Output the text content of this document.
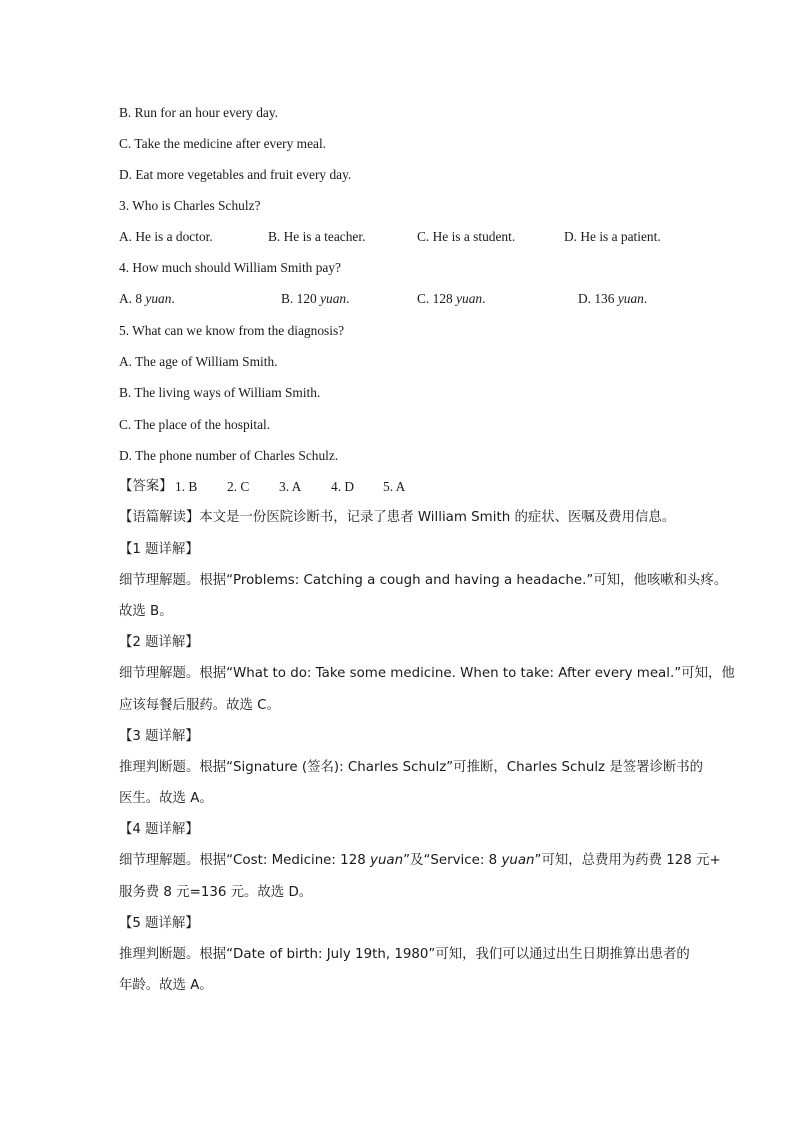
B. Run for an hour every day.
C. Take the medicine after every meal.
D. Eat more vegetables and fruit every day.
3. Who is Charles Schulz?
A. He is a doctor.	B. He is a teacher.	C. He is a student.	D. He is a patient.
4. How much should William Smith pay?
A. 8 yuan.	B. 120 yuan.	C. 128 yuan.	D. 136 yuan.
5. What can we know from the diagnosis?
A. The age of William Smith.
B. The living ways of William Smith.
C. The place of the hospital.
D. The phone number of Charles Schulz.
【答案】 1. B 2. C 3. A 4. D 5. A
【语篇解读】本文是一份医院诊断书，记录了患者 William Smith 的症状、医嘱及费用信息。
【1 题详解】
细节理解题。根据“Problems: Catching a cough and having a headache.”可知，他咳嗽和头疼。
故选 B。
【2 题详解】
细节理解题。根据“What to do: Take some medicine. When to take: After every meal.”可知，他
应该每餐后服药。故选 C。
【3 题详解】
推理判断题。根据“Signature (签名): Charles Schulz”可推断，Charles Schulz 是签署诊断书的
医生。故选 A。
【4 题详解】
细节理解题。根据“Cost: Medicine: 128 yuan”及“Service: 8 yuan”可知，总费用为药费 128 元+
服务费 8 元=136 元。故选 D。
【5 题详解】
推理判断题。根据“Date of birth: July 19th, 1980”可知，我们可以通过出生日期推算出患者的
年龄。故选 A。
